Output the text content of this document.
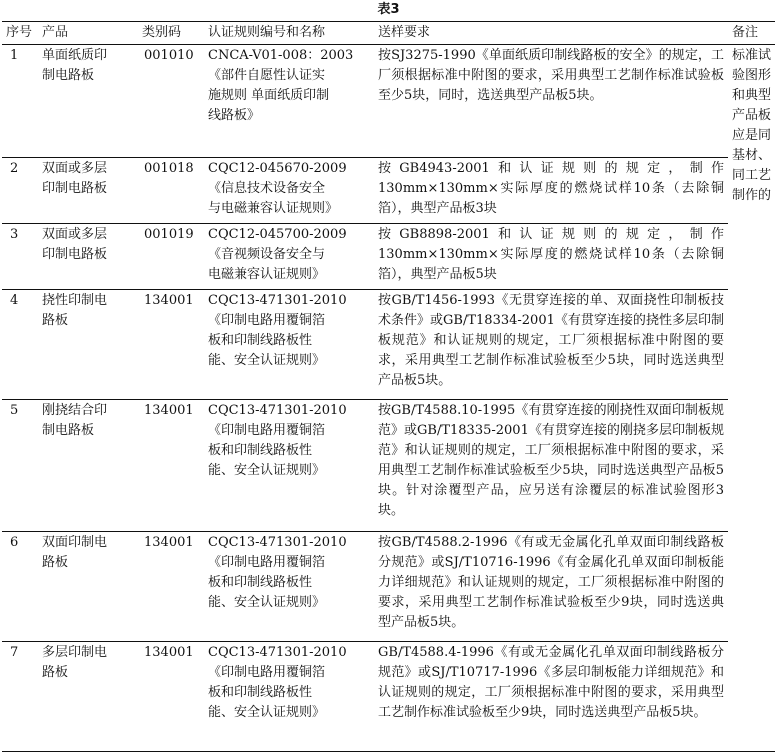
表3
序号	产品	类别码	认证规则编号和名称	送样要求	备注
1	单面纸质印
制电路板	001010	CNCA-V01-008：2003
《部件自愿性认证实
施规则 单面纸质印制
线路板》	按SJ3275-1990《单面纸质印制线路板的安全》的规定，工厂须根据标准中附图的要求，采用典型工艺制作标准试验板至少5块，同时，选送典型产品板5块。	标准试验图形和典型产品板应是同基材、同工艺制作的
2	双面或多层
印制电路板	001018	CQC12-045670-2009
《信息技术设备安全
与电磁兼容认证规则》	按GB4943-2001和认证规则的规定，制作130mm×130mm×实际厚度的燃烧试样10条（去除铜箔），典型产品板3块	
3	双面或多层
印制电路板	001019	CQC12-045700-2009
《音视频设备安全与
电磁兼容认证规则》	按GB8898-2001和认证规则的规定，制作130mm×130mm×实际厚度的燃烧试样10条（去除铜箔），典型产品板5块	
4	挠性印制电
路板	134001	CQC13-471301-2010
《印制电路用覆铜箔
板和印制线路板性
能、安全认证规则》	按GB/T1456-1993《无贯穿连接的单、双面挠性印制板技术条件》或GB/T18334-2001《有贯穿连接的挠性多层印制板规范》和认证规则的规定，工厂须根据标准中附图的要求，采用典型工艺制作标准试验板至少5块，同时选送典型产品板5块。	
5	刚挠结合印
制电路板	134001	CQC13-471301-2010
《印制电路用覆铜箔
板和印制线路板性
能、安全认证规则》	按GB/T4588.10-1995《有贯穿连接的刚挠性双面印制板规范》或GB/T18335-2001《有贯穿连接的刚挠多层印制板规范》和认证规则的规定，工厂须根据标准中附图的要求，采用典型工艺制作标准试验板至少5块，同时选送典型产品板5块。针对涂覆型产品，应另送有涂覆层的标准试验图形3块。	
6	双面印制电
路板	134001	CQC13-471301-2010
《印制电路用覆铜箔
板和印制线路板性
能、安全认证规则》	按GB/T4588.2-1996《有或无金属化孔单双面印制线路板分规范》或SJ/T10716-1996《有金属化孔单双面印制板能力详细规范》和认证规则的规定，工厂须根据标准中附图的要求，采用典型工艺制作标准试验板至少9块，同时选送典型产品板5块。	
7	多层印制电
路板	134001	CQC13-471301-2010
《印制电路用覆铜箔
板和印制线路板性
能、安全认证规则》	GB/T4588.4-1996《有或无金属化孔单双面印制线路板分规范》或SJ/T10717-1996《多层印制板能力详细规范》和认证规则的规定，工厂须根据标准中附图的要求，采用典型工艺制作标准试验板至少9块，同时选送典型产品板5块。	
